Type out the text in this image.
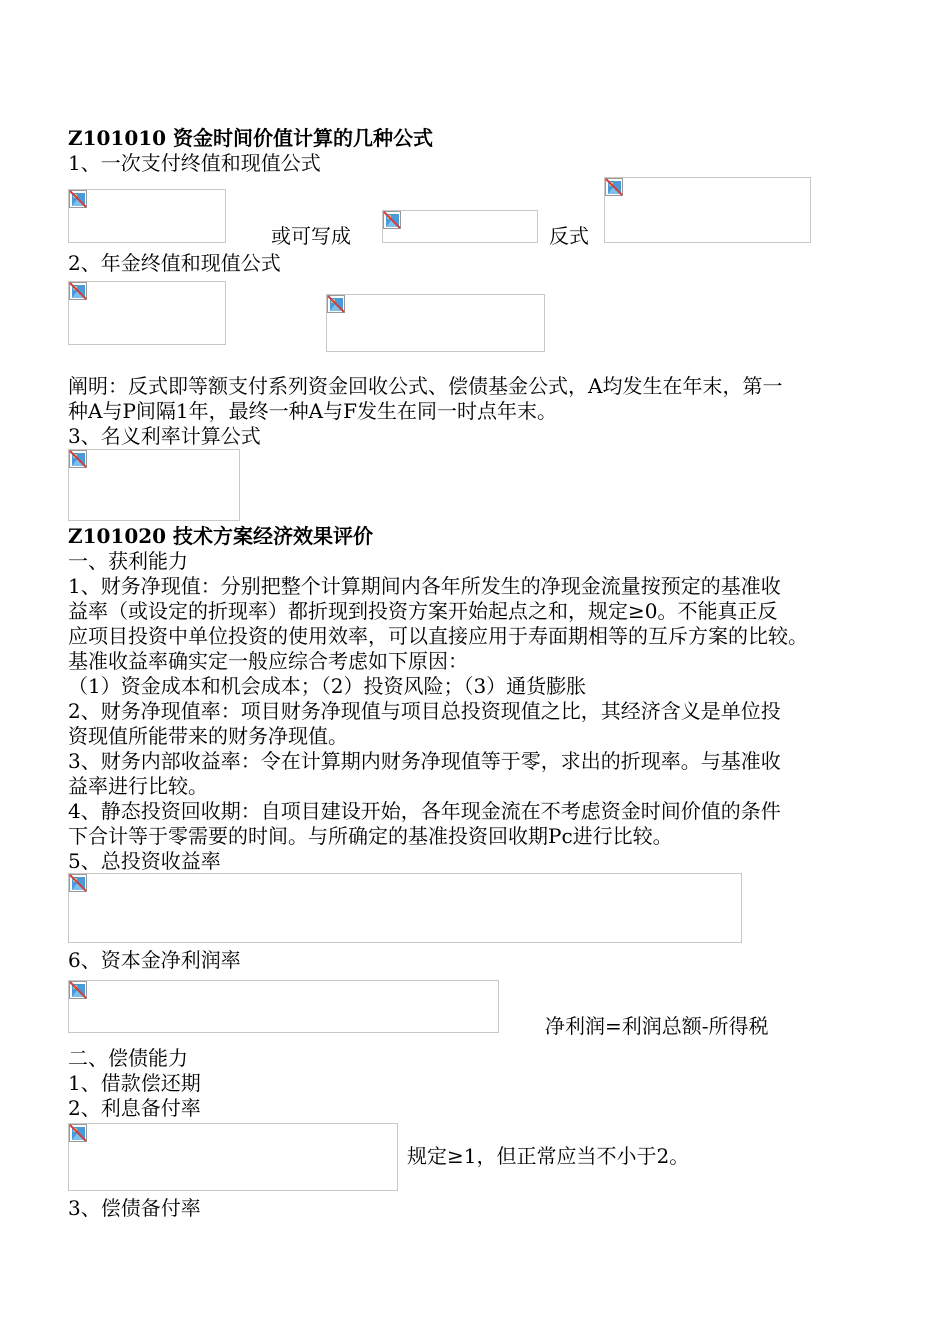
Z101010 资金时间价值计算的几种公式
1、一次支付终值和现值公式
或可写成	反式
2、年金终值和现值公式
阐明：反式即等额支付系列资金回收公式、偿债基金公式，A均发生在年末，第一
种A与P间隔1年，最终一种A与F发生在同一时点年末。
3、名义利率计算公式
Z101020 技术方案经济效果评价
一、获利能力
1、财务净现值：分别把整个计算期间内各年所发生的净现金流量按预定的基准收
益率（或设定的折现率）都折现到投资方案开始起点之和，规定≥0。不能真正反
应项目投资中单位投资的使用效率，可以直接应用于寿面期相等的互斥方案的比较。
基准收益率确实定一般应综合考虑如下原因：
（1）资金成本和机会成本；（2）投资风险；（3）通货膨胀
2、财务净现值率：项目财务净现值与项目总投资现值之比，其经济含义是单位投
资现值所能带来的财务净现值。
3、财务内部收益率：令在计算期内财务净现值等于零，求出的折现率。与基准收
益率进行比较。
4、静态投资回收期：自项目建设开始，各年现金流在不考虑资金时间价值的条件
下合计等于零需要的时间。与所确定的基准投资回收期Pc进行比较。
5、总投资收益率
6、资本金净利润率
净利润=利润总额-所得税
二、偿债能力
1、借款偿还期
2、利息备付率
规定≥1，但正常应当不小于2。
3、偿债备付率
